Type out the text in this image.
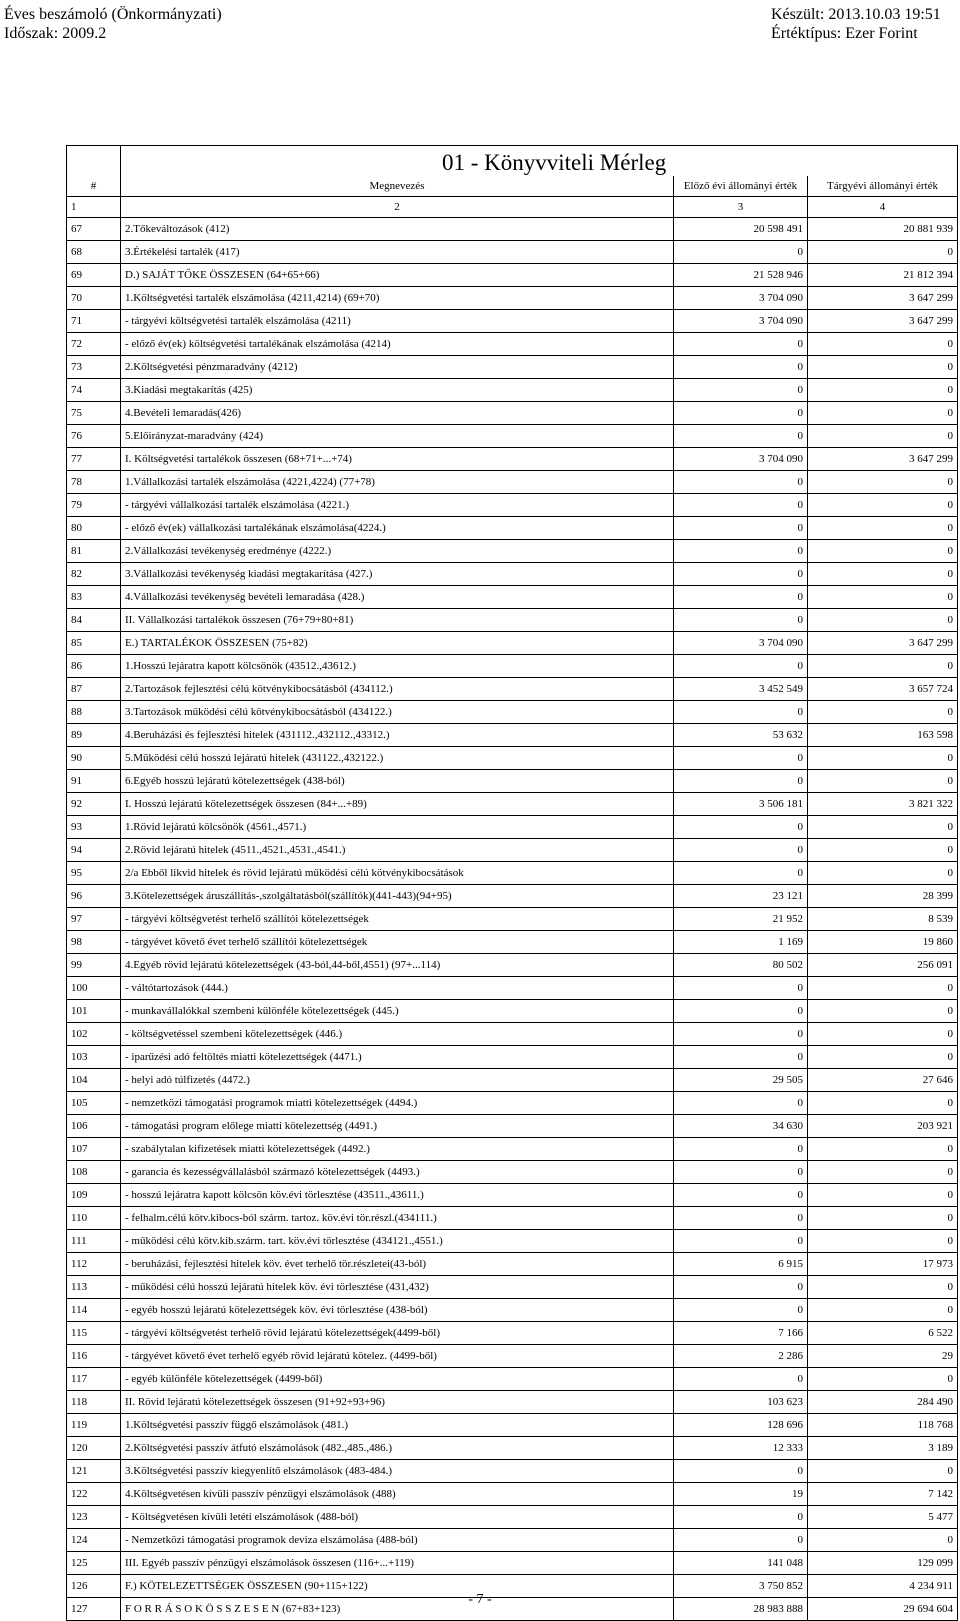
Éves beszámoló (Önkormányzati)
Időszak: 2009.2
Készült: 2013.10.03 19:51
Értéktípus: Ezer Forint
	01 - Könyvviteli Mérleg		
#	Megnevezés	Előző évi állományi érték	Tárgyévi állományi érték
1	2	3	4
67	2.Tőkeváltozások (412)	20 598 491	20 881 939
68	3.Értékelési tartalék (417)	0	0
69	D.) SAJÁT TŐKE ÖSSZESEN (64+65+66)	21 528 946	21 812 394
70	1.Költségvetési tartalék elszámolása (4211,4214) (69+70)	3 704 090	3 647 299
71	- tárgyévi költségvetési tartalék elszámolása (4211)	3 704 090	3 647 299
72	- előző év(ek) költségvetési tartalékának elszámolása (4214)	0	0
73	2.Költségvetési pénzmaradvány (4212)	0	0
74	3.Kiadási megtakarítás (425)	0	0
75	4.Bevételi lemaradás(426)	0	0
76	5.Előirányzat-maradvány (424)	0	0
77	I. Költségvetési tartalékok összesen (68+71+...+74)	3 704 090	3 647 299
78	1.Vállalkozási tartalék elszámolása (4221,4224) (77+78)	0	0
79	- tárgyévi vállalkozási tartalék elszámolása (4221.)	0	0
80	- előző év(ek) vállalkozási tartalékának elszámolása(4224.)	0	0
81	2.Vállalkozási tevékenység eredménye (4222.)	0	0
82	3.Vállalkozási tevékenység kiadási megtakarítása (427.)	0	0
83	4.Vállalkozási tevékenység bevételi lemaradása (428.)	0	0
84	II. Vállalkozási tartalékok összesen (76+79+80+81)	0	0
85	E.) TARTALÉKOK ÖSSZESEN (75+82)	3 704 090	3 647 299
86	1.Hosszú lejáratra kapott kölcsönök (43512.,43612.)	0	0
87	2.Tartozások fejlesztési célú kötvénykibocsátásból (434112.)	3 452 549	3 657 724
88	3.Tartozások működési célú kötvénykibocsátásból (434122.)	0	0
89	4.Beruházási és fejlesztési hitelek (431112.,432112.,43312.)	53 632	163 598
90	5.Működési célú hosszú lejáratú hitelek (431122.,432122.)	0	0
91	6.Egyéb hosszú lejáratú kötelezettségek (438-ból)	0	0
92	I. Hosszú lejáratú kötelezettségek összesen (84+...+89)	3 506 181	3 821 322
93	1.Rövid lejáratú kölcsönök (4561.,4571.)	0	0
94	2.Rövid lejáratú hitelek (4511.,4521.,4531.,4541.)	0	0
95	2/a Ebből likvid hitelek és rövid lejáratú működési célú kötvénykibocsátások	0	0
96	3.Kötelezettségek áruszállítás-,szolgáltatásból(szállítók)(441-443)(94+95)	23 121	28 399
97	- tárgyévi költségvetést terhelő szállítói kötelezettségek	21 952	8 539
98	- tárgyévet követő évet terhelő szállítói kötelezettségek	1 169	19 860
99	4.Egyéb rövid lejáratú kötelezettségek (43-ból,44-ből,4551) (97+...114)	80 502	256 091
100	- váltótartozások (444.)	0	0
101	- munkavállalókkal szembeni különféle kötelezettségek (445.)	0	0
102	- költségvetéssel szembeni kötelezettségek (446.)	0	0
103	- iparűzési adó feltöltés miatti kötelezettségek (4471.)	0	0
104	- helyi adó túlfizetés (4472.)	29 505	27 646
105	- nemzetközi támogatási programok miatti kötelezettségek (4494.)	0	0
106	- támogatási program előlege miatti kötelezettség (4491.)	34 630	203 921
107	- szabálytalan kifizetések miatti kötelezettségek (4492.)	0	0
108	- garancia és kezességvállalásból származó kötelezettségek (4493.)	0	0
109	- hosszú lejáratra kapott kölcsön köv.évi törlesztése (43511.,43611.)	0	0
110	- felhalm.célú kötv.kibocs-ból szárm. tartoz. köv.évi tör.részl.(434111.)	0	0
111	- működési célú kötv.kib.szárm. tart. köv.évi törlesztése (434121.,4551.)	0	0
112	- beruházási, fejlesztési hitelek köv. évet terhelő tör.részletei(43-ból)	6 915	17 973
113	- működési célú hosszú lejáratú hitelek köv. évi törlesztése (431,432)	0	0
114	- egyéb hosszú lejáratú kötelezettségek köv. évi törlesztése (438-ból)	0	0
115	- tárgyévi költségvetést terhelő rövid lejáratú kötelezettségek(4499-ből)	7 166	6 522
116	- tárgyévet követő évet terhelő egyéb rövid lejáratú kötelez. (4499-ből)	2 286	29
117	- egyéb különféle kötelezettségek (4499-ből)	0	0
118	II. Rövid lejáratú kötelezettségek összesen (91+92+93+96)	103 623	284 490
119	1.Költségvetési passzív függő elszámolások (481.)	128 696	118 768
120	2.Költségvetési passzív átfutó elszámolások (482.,485.,486.)	12 333	3 189
121	3.Költségvetési passzív kiegyenlítő elszámolások (483-484.)	0	0
122	4.Költségvetésen kívüli passzív pénzügyi elszámolások (488)	19	7 142
123	- Költségvetésen kívüli letéti elszámolások (488-ból)	0	5 477
124	- Nemzetközi támogatási programok deviza elszámolása (488-ból)	0	0
125	III. Egyéb passzív pénzügyi elszámolások összesen (116+...+119)	141 048	129 099
126	F.) KÖTELEZETTSÉGEK ÖSSZESEN (90+115+122)	3 750 852	4 234 911
127	F O R R Á S O K Ö S S Z E S E N (67+83+123)	28 983 888	29 694 604
- 7 -
